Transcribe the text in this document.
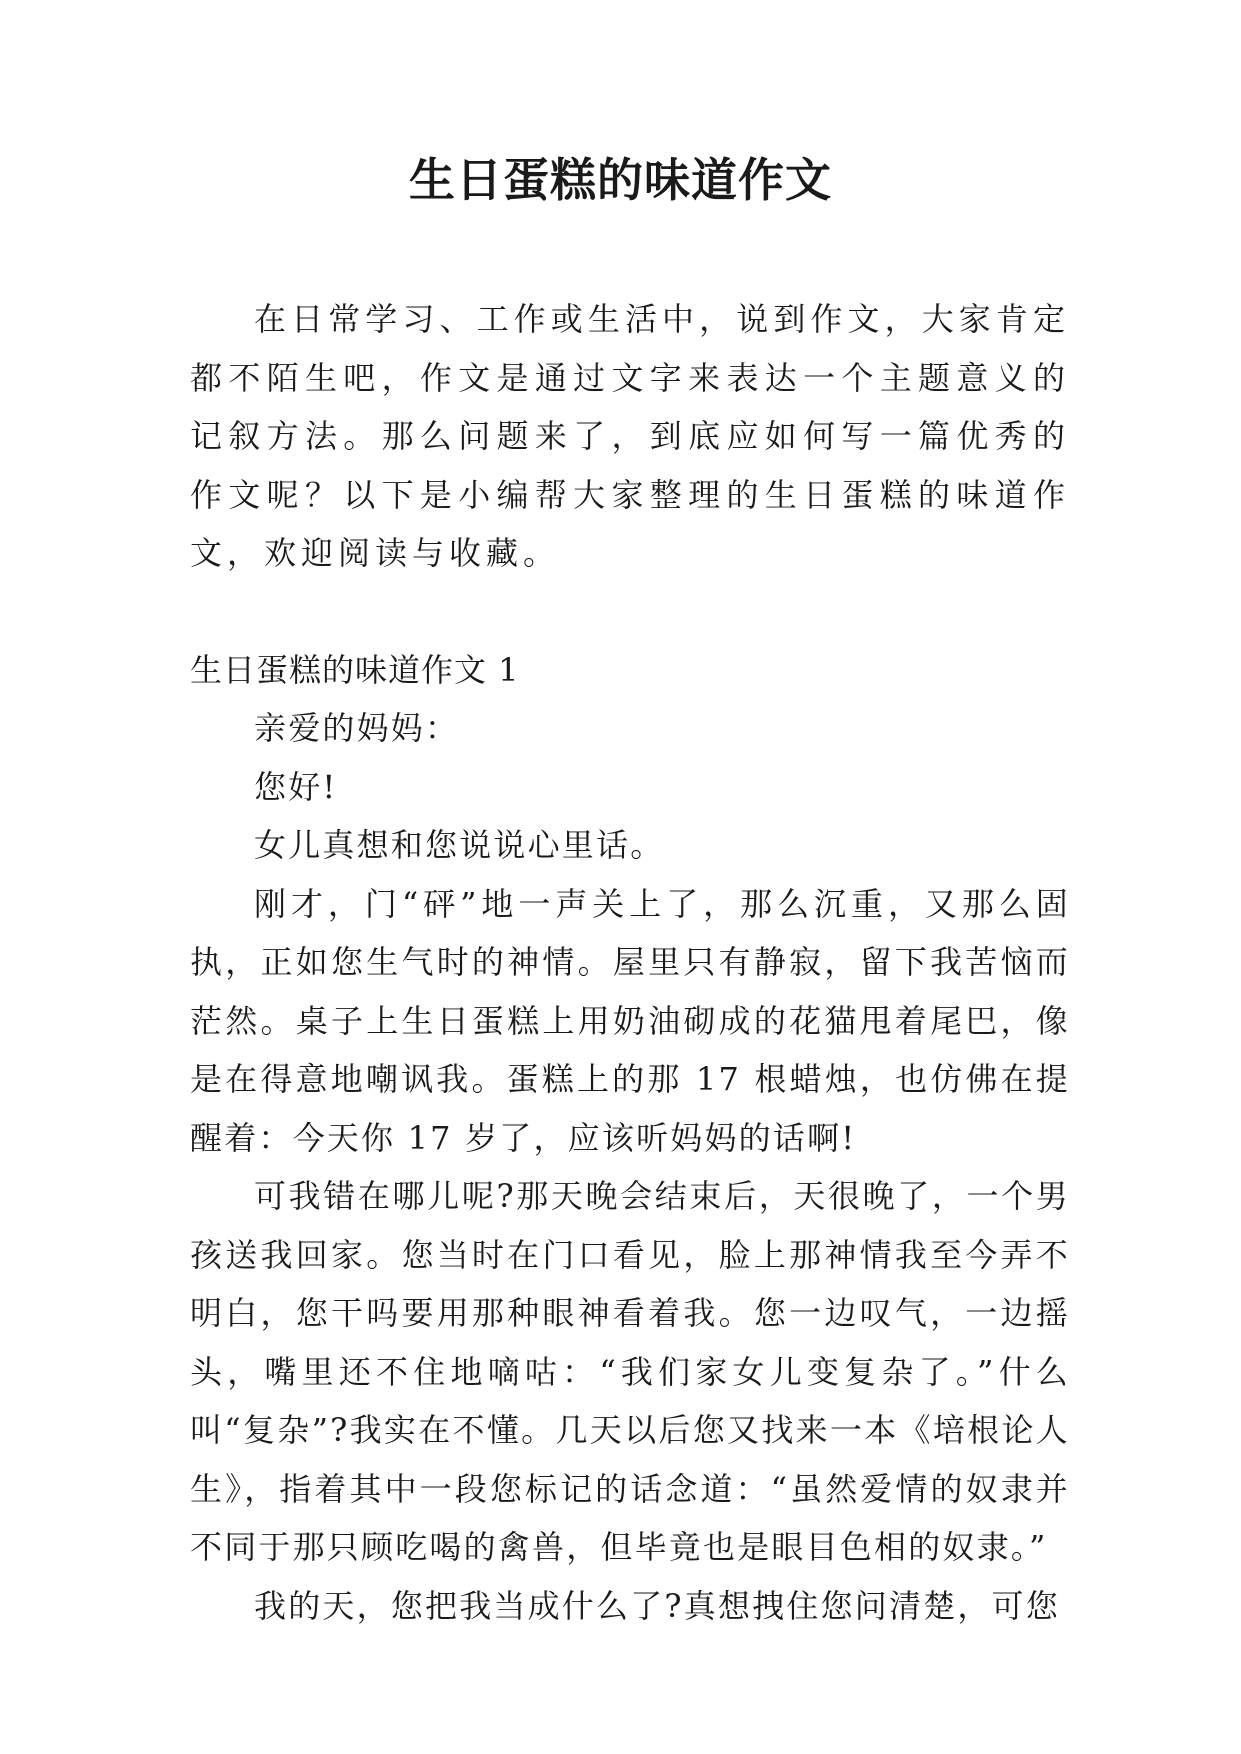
生日蛋糕的味道作文

在日常学习、工作或生活中，说到作文，大家肯定都不陌生吧，作文是通过文字来表达一个主题意义的记叙方法。那么问题来了，到底应如何写一篇优秀的作文呢？以下是小编帮大家整理的生日蛋糕的味道作文，欢迎阅读与收藏。

生日蛋糕的味道作文 1

亲爱的妈妈：

您好!

女儿真想和您说说心里话。

刚才，门“砰”地一声关上了，那么沉重，又那么固执，正如您生气时的神情。屋里只有静寂，留下我苦恼而茫然。桌子上生日蛋糕上用奶油砌成的花猫甩着尾巴，像是在得意地嘲讽我。蛋糕上的那 17 根蜡烛，也仿佛在提醒着：今天你 17 岁了，应该听妈妈的话啊!

可我错在哪儿呢?那天晚会结束后，天很晚了，一个男孩送我回家。您当时在门口看见，脸上那神情我至今弄不明白，您干吗要用那种眼神看着我。您一边叹气，一边摇头，嘴里还不住地嘀咕：“我们家女儿变复杂了。”什么叫“复杂”?我实在不懂。几天以后您又找来一本《培根论人生》，指着其中一段您标记的话念道：“虽然爱情的奴隶并不同于那只顾吃喝的禽兽，但毕竟也是眼目色相的奴隶。”

我的天，您把我当成什么了?真想拽住您问清楚，可您
